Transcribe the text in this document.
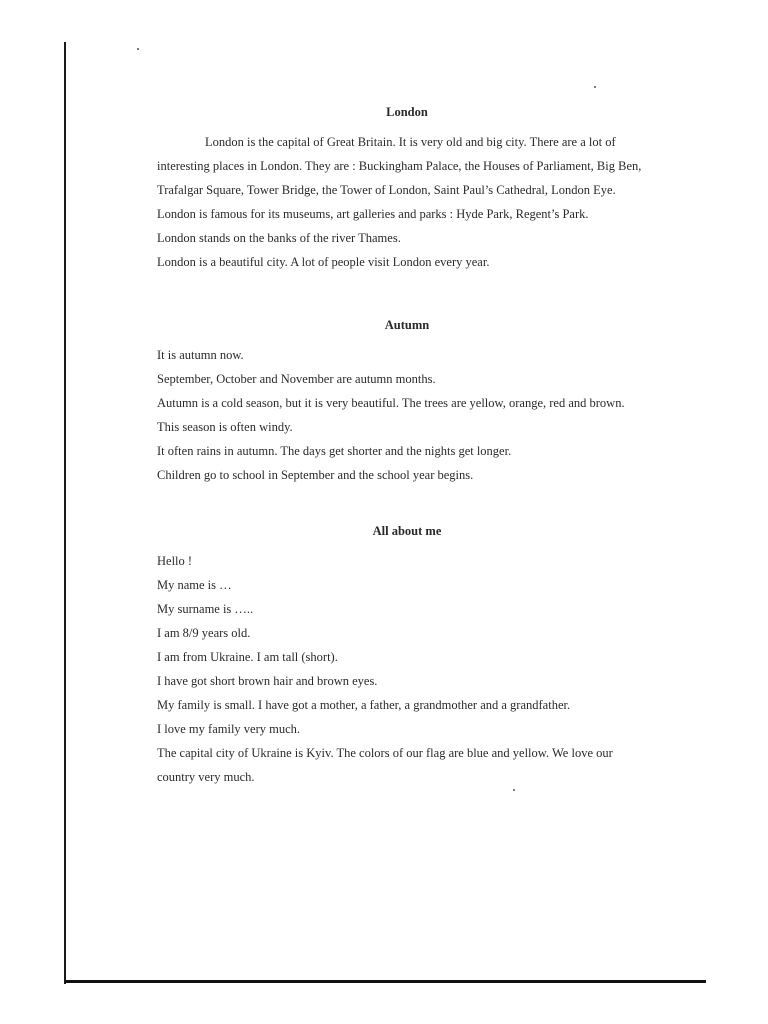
London

London is the capital of Great Britain. It is very old and big city. There are a lot of

interesting places in London. They are : Buckingham Palace, the Houses of Parliament, Big Ben,

Trafalgar Square, Tower Bridge, the Tower of London, Saint Paul’s Cathedral, London Eye.

London is famous for its museums, art galleries and parks : Hyde Park, Regent’s Park.

London stands on the banks of the river Thames.

London is a beautiful city. A lot of people visit London every year.

Autumn

It is autumn now.

September, October and November are autumn months.

Autumn is a cold season, but it is very beautiful. The trees are yellow, orange, red and brown.

This season is often windy.

It often rains in autumn. The days get shorter and the nights get longer.

Children go to school in September and the school year begins.

All about me

Hello !

My name is …

My surname is …..

I am 8/9 years old.

I am from Ukraine. I am tall (short).

I have got short brown hair and brown eyes.

My family is small. I have got a mother, a father, a grandmother and a grandfather.

I love my family very much.

The capital city of Ukraine is Kyiv. The colors of our flag are blue and yellow. We love our

country very much.
